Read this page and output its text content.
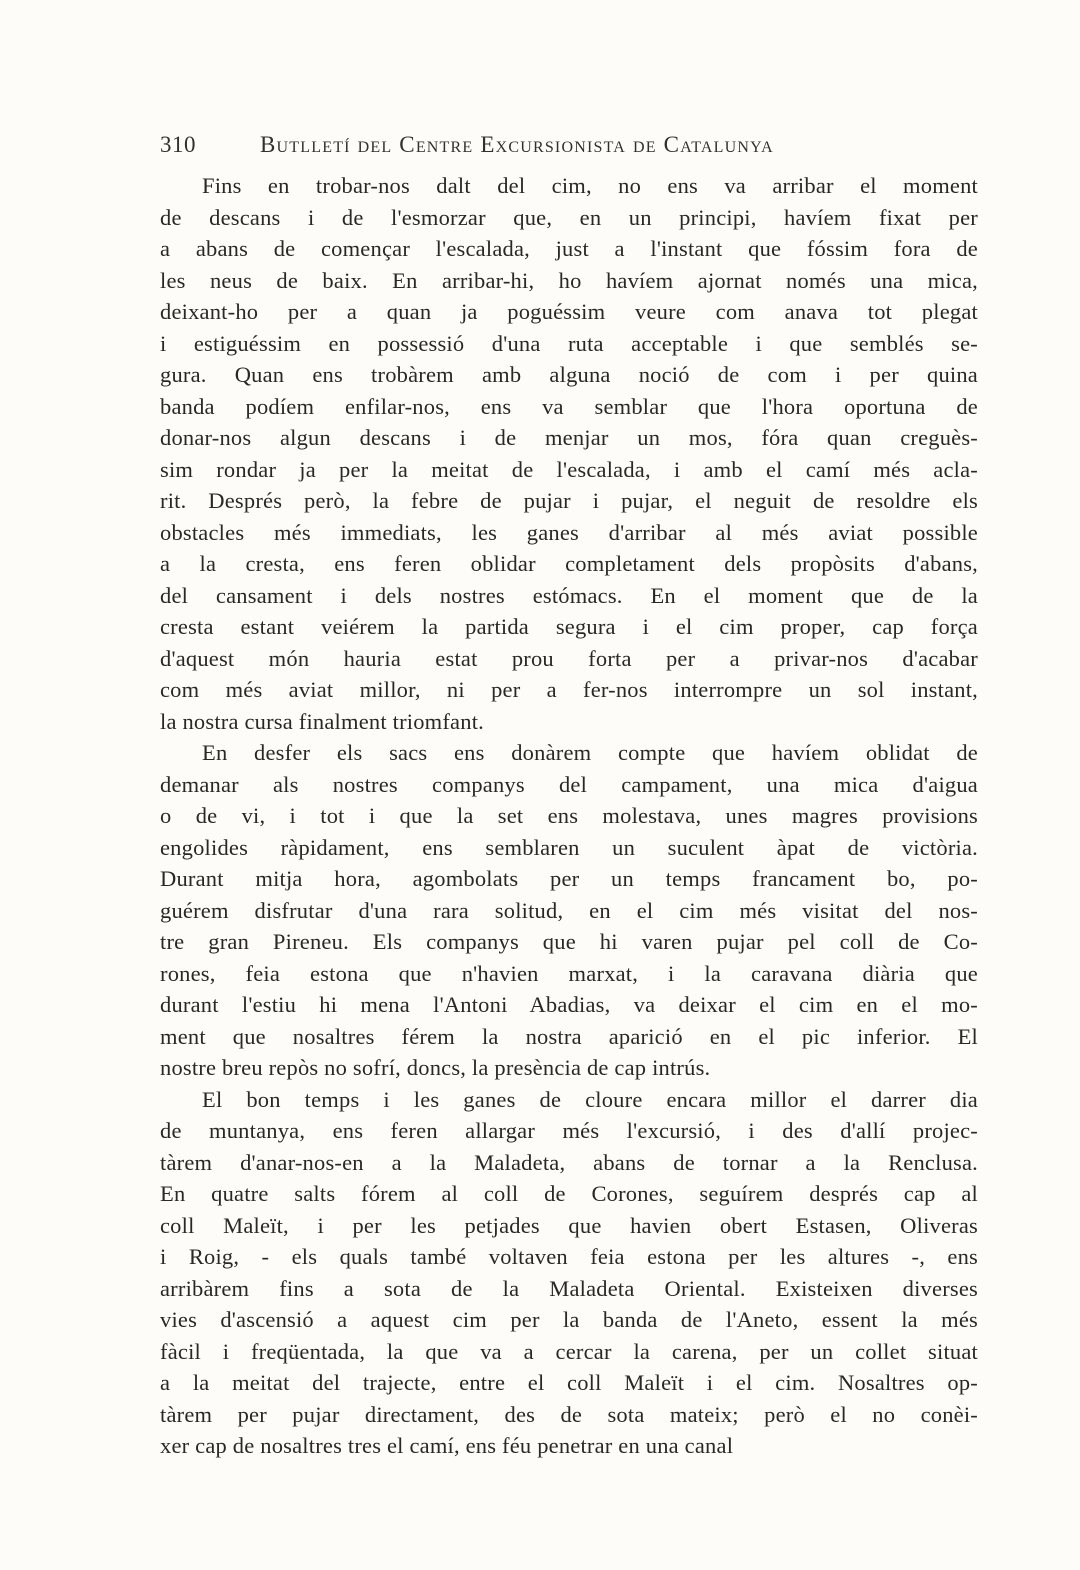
310	Butlletí del Centre Excursionista de Catalunya
Fins en trobar-nos dalt del cim, no ens va arribar el moment
de descans i de l'esmorzar que, en un principi, havíem fixat per
a abans de començar l'escalada, just a l'instant que fóssim fora de
les neus de baix. En arribar-hi, ho havíem ajornat només una mica,
deixant-ho per a quan ja poguéssim veure com anava tot plegat
i estiguéssim en possessió d'una ruta acceptable i que semblés se-
gura. Quan ens trobàrem amb alguna noció de com i per quina
banda podíem enfilar-nos, ens va semblar que l'hora oportuna de
donar-nos algun descans i de menjar un mos, fóra quan creguès-
sim rondar ja per la meitat de l'escalada, i amb el camí més acla-
rit. Després però, la febre de pujar i pujar, el neguit de resoldre els
obstacles més immediats, les ganes d'arribar al més aviat possible
a la cresta, ens feren oblidar completament dels propòsits d'abans,
del cansament i dels nostres estómacs. En el moment que de la
cresta estant veiérem la partida segura i el cim proper, cap força
d'aquest món hauria estat prou forta per a privar-nos d'acabar
com més aviat millor, ni per a fer-nos interrompre un sol instant,
la nostra cursa finalment triomfant.
En desfer els sacs ens donàrem compte que havíem oblidat de
demanar als nostres companys del campament, una mica d'aigua
o de vi, i tot i que la set ens molestava, unes magres provisions
engolides ràpidament, ens semblaren un suculent àpat de victòria.
Durant mitja hora, agombolats per un temps francament bo, po-
guérem disfrutar d'una rara solitud, en el cim més visitat del nos-
tre gran Pireneu. Els companys que hi varen pujar pel coll de Co-
rones, feia estona que n'havien marxat, i la caravana diària que
durant l'estiu hi mena l'Antoni Abadias, va deixar el cim en el mo-
ment que nosaltres férem la nostra aparició en el pic inferior. El
nostre breu repòs no sofrí, doncs, la presència de cap intrús.
El bon temps i les ganes de cloure encara millor el darrer dia
de muntanya, ens feren allargar més l'excursió, i des d'allí projec-
tàrem d'anar-nos-en a la Maladeta, abans de tornar a la Renclusa.
En quatre salts fórem al coll de Corones, seguírem després cap al
coll Maleït, i per les petjades que havien obert Estasen, Oliveras
i Roig, - els quals també voltaven feia estona per les altures -, ens
arribàrem fins a sota de la Maladeta Oriental. Existeixen diverses
vies d'ascensió a aquest cim per la banda de l'Aneto, essent la més
fàcil i freqüentada, la que va a cercar la carena, per un collet situat
a la meitat del trajecte, entre el coll Maleït i el cim. Nosaltres op-
tàrem per pujar directament, des de sota mateix; però el no conèi-
xer cap de nosaltres tres el camí, ens féu penetrar en una canal
